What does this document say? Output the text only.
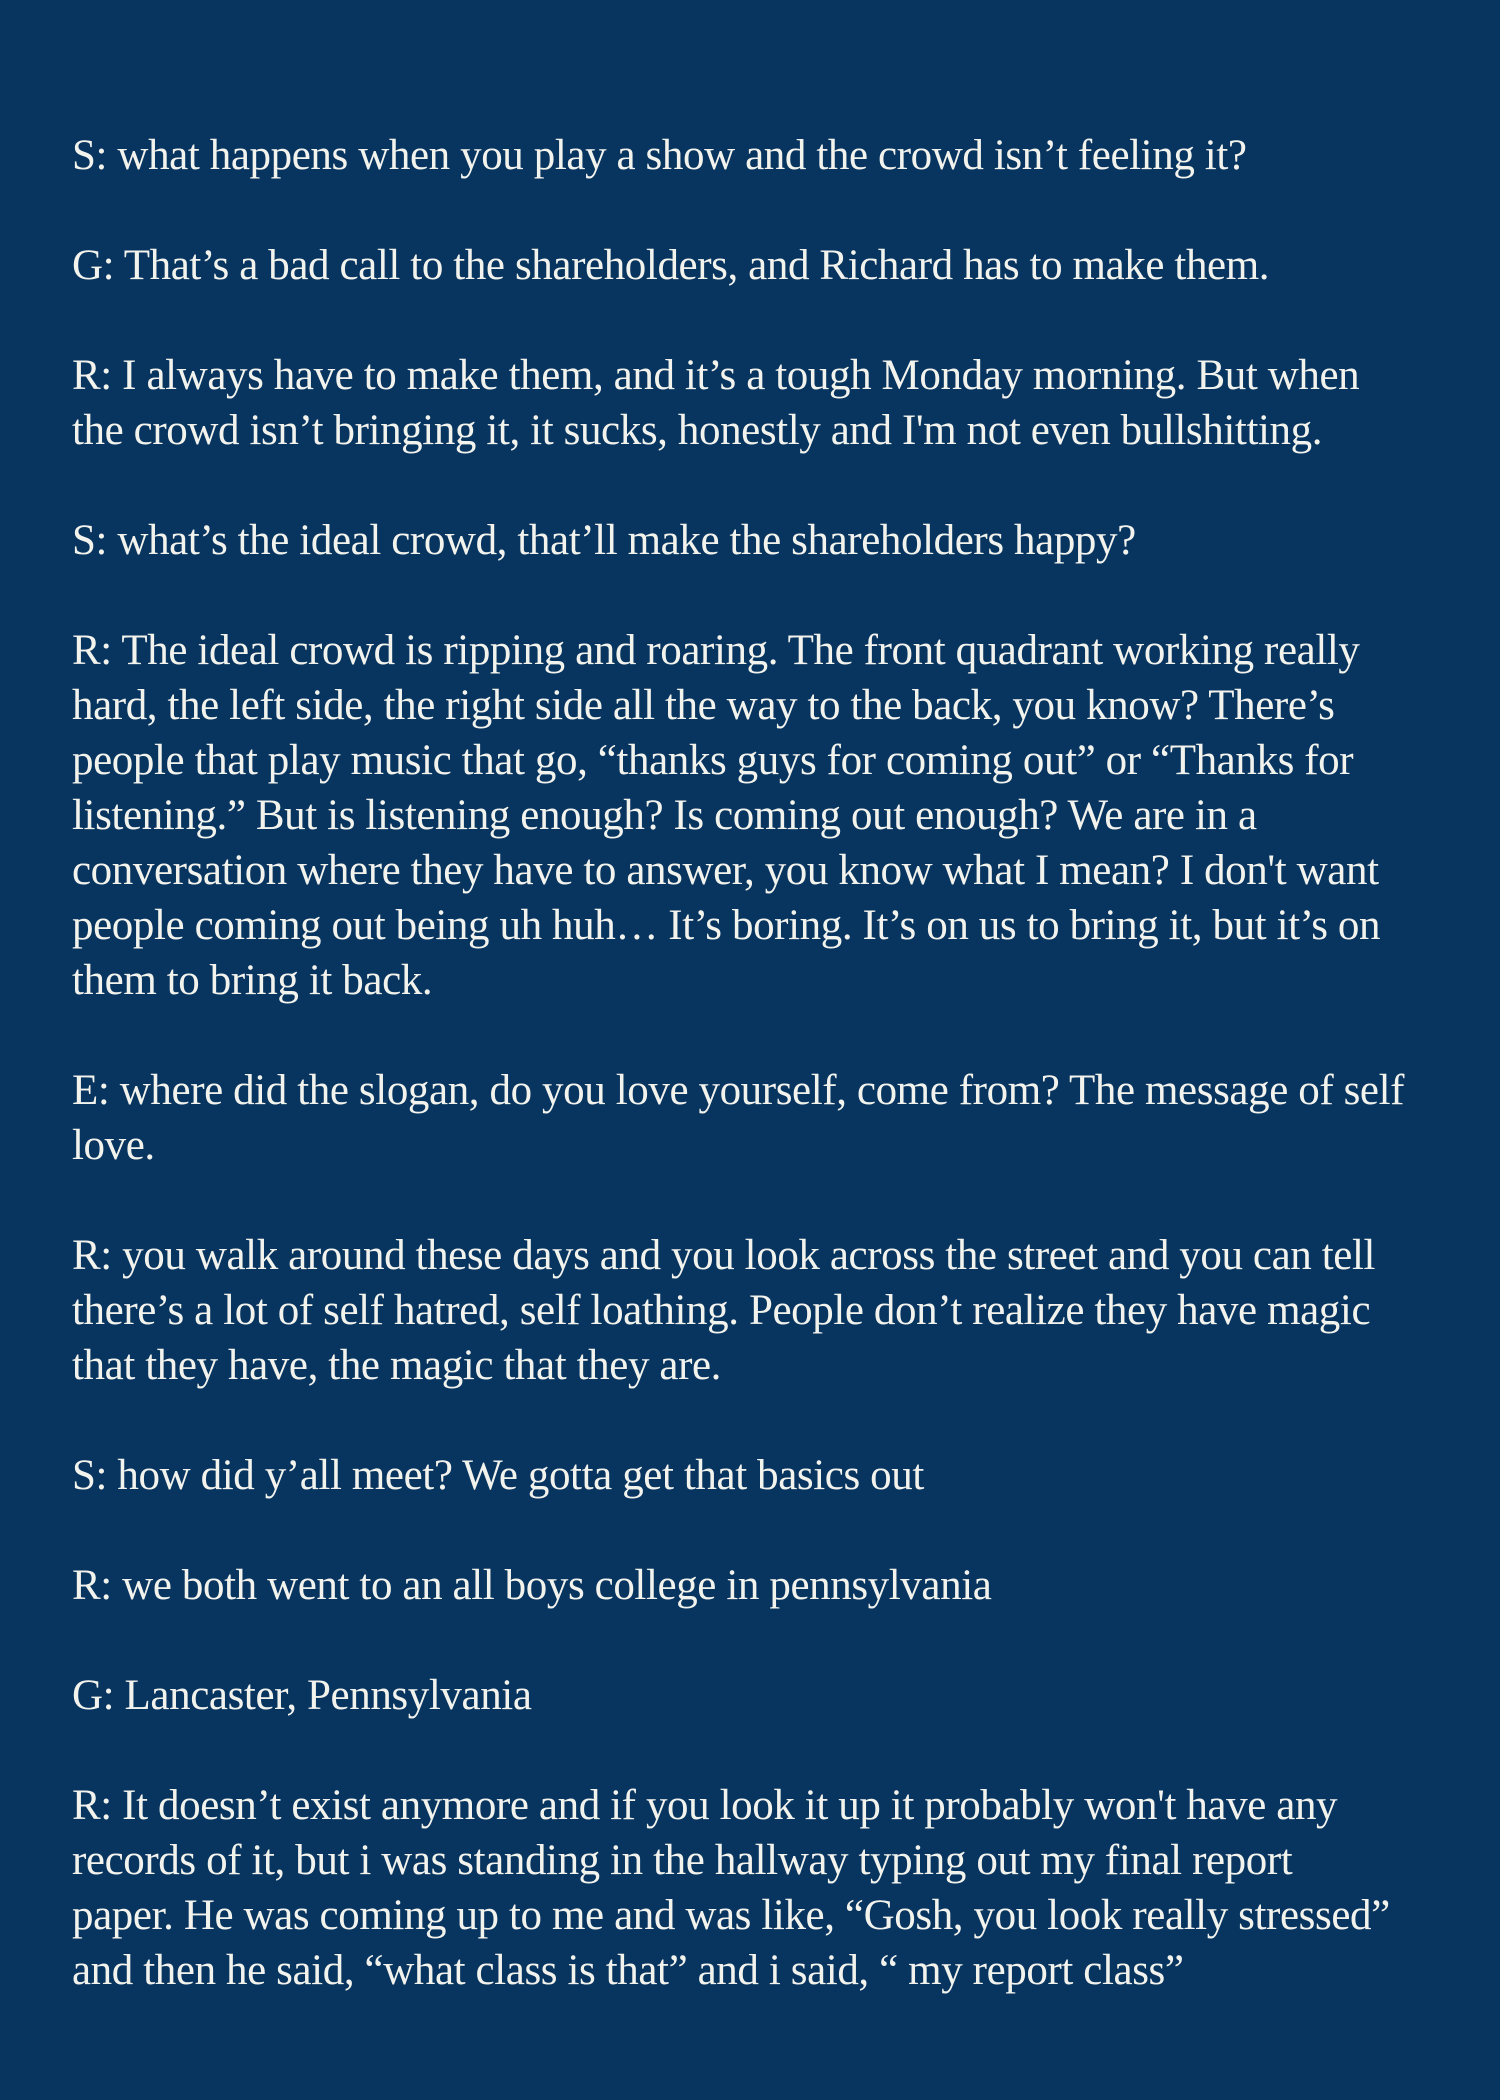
S: what happens when you play a show and the crowd isn’t feeling it?

G: That’s a bad call to the shareholders, and Richard has to make them.

R: I always have to make them, and it’s a tough Monday morning. But when
the crowd isn’t bringing it, it sucks, honestly and I'm not even bullshitting.

S: what’s the ideal crowd, that’ll make the shareholders happy?

R: The ideal crowd is ripping and roaring. The front quadrant working really
hard, the left side, the right side all the way to the back, you know? There’s
people that play music that go, “thanks guys for coming out” or “Thanks for
listening.” But is listening enough? Is coming out enough? We are in a
conversation where they have to answer, you know what I mean? I don't want
people coming out being uh huh… It’s boring. It’s on us to bring it, but it’s on
them to bring it back.

E: where did the slogan, do you love yourself, come from? The message of self
love.

R: you walk around these days and you look across the street and you can tell
there’s a lot of self hatred, self loathing. People don’t realize they have magic
that they have, the magic that they are.

S: how did y’all meet? We gotta get that basics out

R: we both went to an all boys college in pennsylvania

G: Lancaster, Pennsylvania

R: It doesn’t exist anymore and if you look it up it probably won't have any
records of it, but i was standing in the hallway typing out my final report
paper. He was coming up to me and was like, “Gosh, you look really stressed”
and then he said, “what class is that” and i said, “ my report class”
